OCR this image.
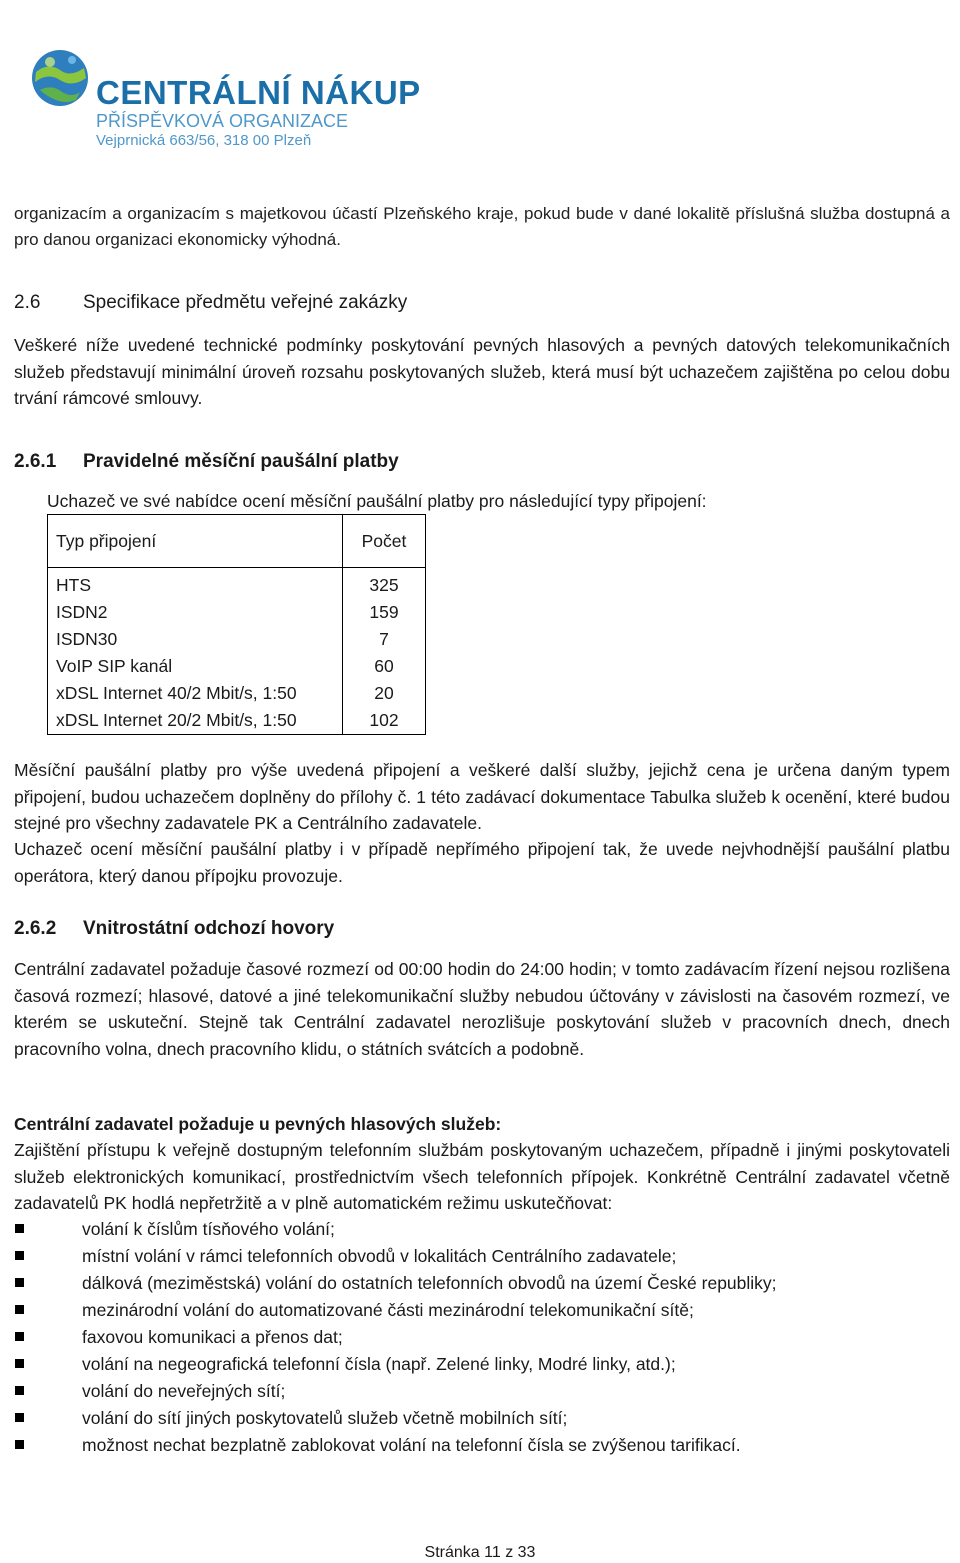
CENTRÁLNÍ NÁKUP
PŘÍSPĚVKOVÁ ORGANIZACE
Vejprnická 663/56, 318 00 Plzeň
organizacím a organizacím s majetkovou účastí Plzeňského kraje, pokud bude v dané lokalitě příslušná služba dostupná a pro danou organizaci ekonomicky výhodná.
2.6 Specifikace předmětu veřejné zakázky
Veškeré níže uvedené technické podmínky poskytování pevných hlasových a pevných datových telekomunikačních služeb představují minimální úroveň rozsahu poskytovaných služeb, která musí být uchazečem zajištěna po celou dobu trvání rámcové smlouvy.
2.6.1 Pravidelné měsíční paušální platby
Uchazeč ve své nabídce ocení měsíční paušální platby pro následující typy připojení:
Typ připojení	Počet
HTS	325
ISDN2	159
ISDN30	7
VoIP SIP kanál	60
xDSL Internet 40/2 Mbit/s, 1:50	20
xDSL Internet 20/2 Mbit/s, 1:50	102
Měsíční paušální platby pro výše uvedená připojení a veškeré další služby, jejichž cena je určena daným typem připojení, budou uchazečem doplněny do přílohy č. 1 této zadávací dokumentace Tabulka služeb k ocenění, které budou stejné pro všechny zadavatele PK a Centrálního zadavatele.
Uchazeč ocení měsíční paušální platby i v případě nepřímého připojení tak, že uvede nejvhodnější paušální platbu operátora, který danou přípojku provozuje.
2.6.2 Vnitrostátní odchozí hovory
Centrální zadavatel požaduje časové rozmezí od 00:00 hodin do 24:00 hodin; v tomto zadávacím řízení nejsou rozlišena časová rozmezí; hlasové, datové a jiné telekomunikační služby nebudou účtovány v závislosti na časovém rozmezí, ve kterém se uskuteční. Stejně tak Centrální zadavatel nerozlišuje poskytování služeb v pracovních dnech, dnech pracovního volna, dnech pracovního klidu, o státních svátcích a podobně.
Centrální zadavatel požaduje u pevných hlasových služeb:
Zajištění přístupu k veřejně dostupným telefonním službám poskytovaným uchazečem, případně i jinými poskytovateli služeb elektronických komunikací, prostřednictvím všech telefonních přípojek. Konkrétně Centrální zadavatel včetně zadavatelů PK hodlá nepřetržitě a v plně automatickém režimu uskutečňovat:
volání k číslům tísňového volání;
místní volání v rámci telefonních obvodů v lokalitách Centrálního zadavatele;
dálková (meziměstská) volání do ostatních telefonních obvodů na území České republiky;
mezinárodní volání do automatizované části mezinárodní telekomunikační sítě;
faxovou komunikaci a přenos dat;
volání na negeografická telefonní čísla (např. Zelené linky, Modré linky, atd.);
volání do neveřejných sítí;
volání do sítí jiných poskytovatelů služeb včetně mobilních sítí;
možnost nechat bezplatně zablokovat volání na telefonní čísla se zvýšenou tarifikací.
Stránka 11 z 33
